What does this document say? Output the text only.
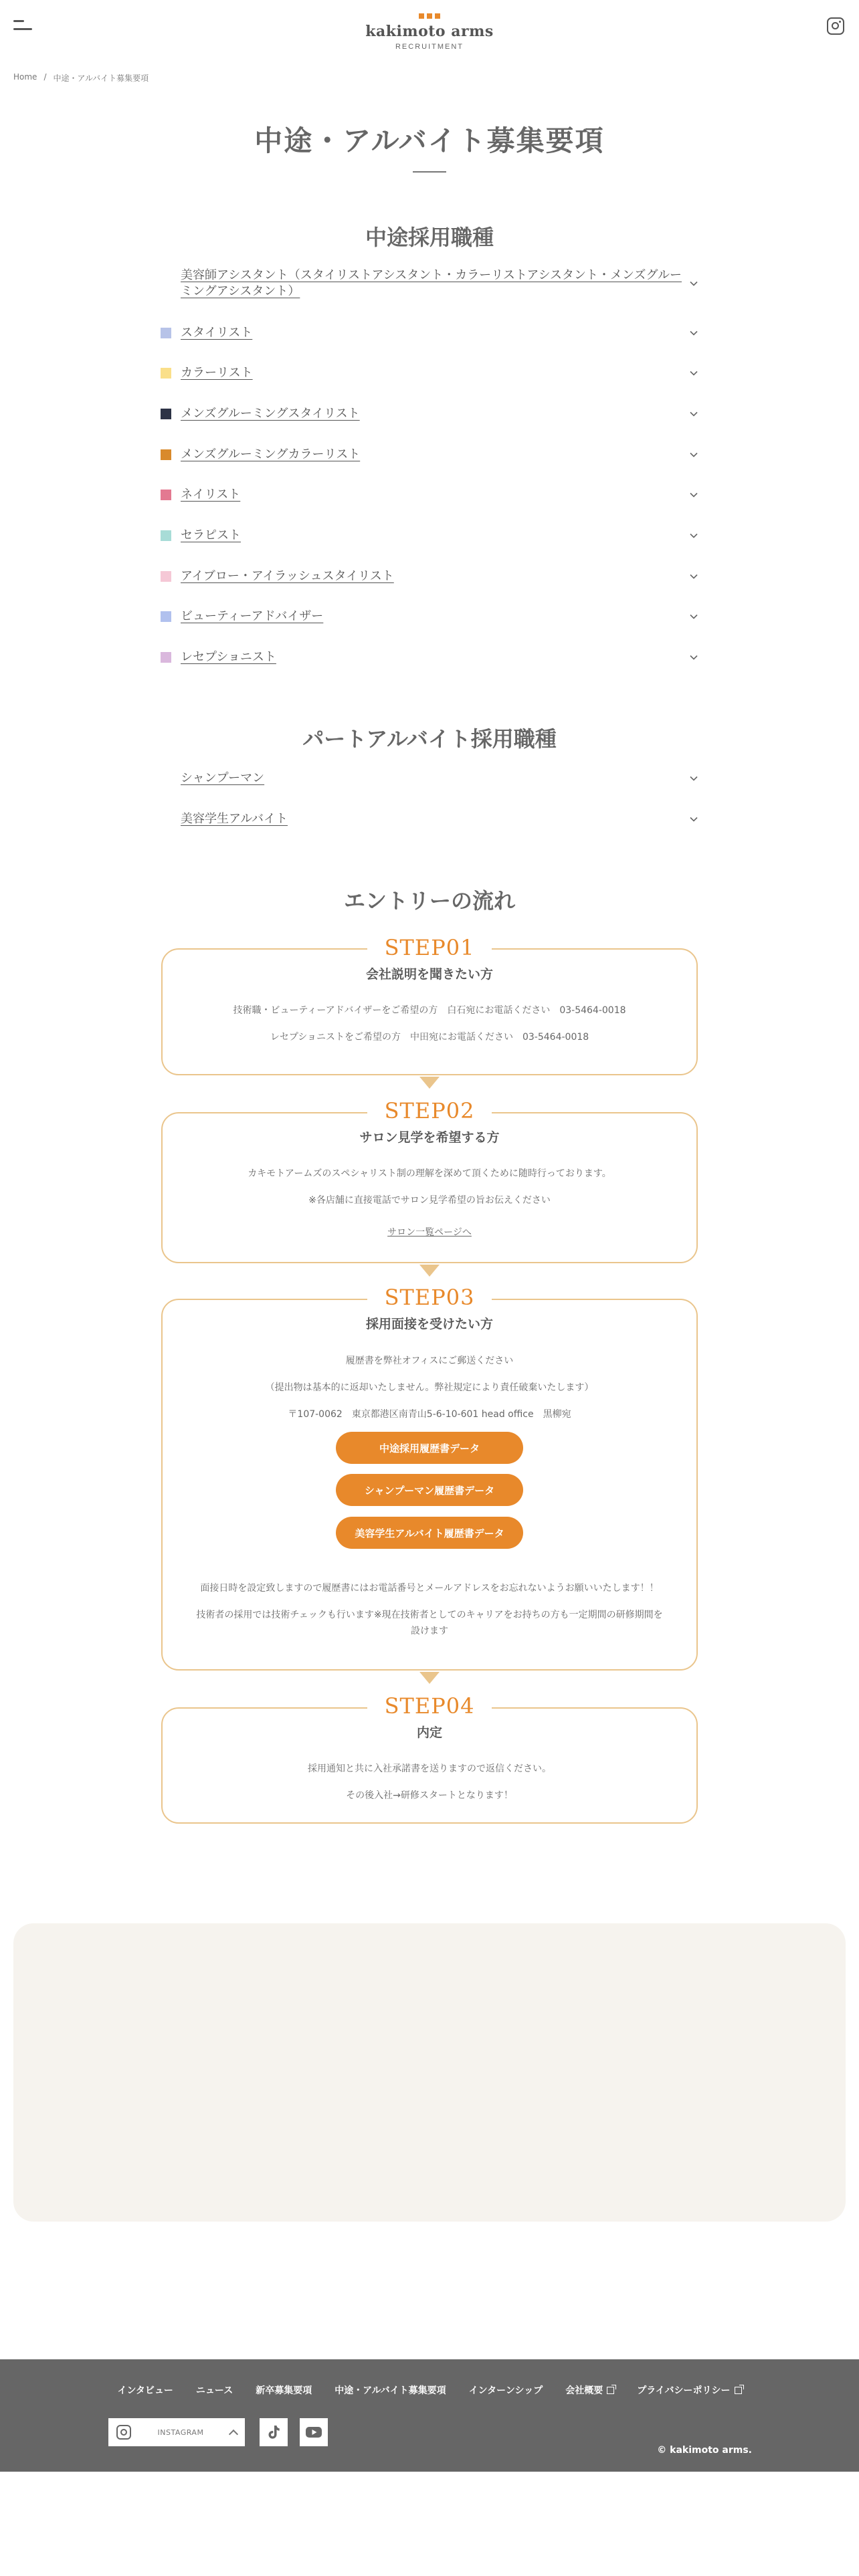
kakimoto arms
RECRUITMENT
Home / 中途・アルバイト募集要項
中途・アルバイト募集要項
中途採用職種
美容師アシスタント（スタイリストアシスタント・カラーリストアシスタント・メンズグルーミングアシスタント）
スタイリスト
カラーリスト
メンズグルーミングスタイリスト
メンズグルーミングカラーリスト
ネイリスト
セラピスト
アイブロー・アイラッシュスタイリスト
ビューティーアドバイザー
レセプショニスト
パートアルバイト採用職種
シャンプーマン
美容学生アルバイト
エントリーの流れ
STEP01
会社説明を聞きたい方
技術職・ビューティーアドバイザーをご希望の方　白石宛にお電話ください　03-5464-0018
レセプショニストをご希望の方　中田宛にお電話ください　03-5464-0018
STEP02
サロン見学を希望する方
カキモトアームズのスペシャリスト制の理解を深めて頂くために随時行っております。
※各店舗に直接電話でサロン見学希望の旨お伝えください
サロン一覧ページへ
STEP03
採用面接を受けたい方
履歴書を弊社オフィスにご郵送ください
（提出物は基本的に返却いたしません。弊社規定により責任破棄いたします）
〒107-0062　東京都港区南青山5-6-10-601 head office　黒柳宛
中途採用履歴書データ
シャンプーマン履歴書データ
美容学生アルバイト履歴書データ
面接日時を設定致しますので履歴書にはお電話番号とメールアドレスをお忘れないようお願いいたします！！
技術者の採用では技術チェックも行います※現在技術者としてのキャリアをお持ちの方も一定期間の研修期間を
設けます
STEP04
内定
採用通知と共に入社承諾書を送りますので返信ください。
その後入社→研修スタートとなります！
インタビュー ニュース 新卒募集要項 中途・アルバイト募集要項 インターンシップ 会社概要	プライバシーポリシー
INSTAGRAM
© kakimoto arms.
